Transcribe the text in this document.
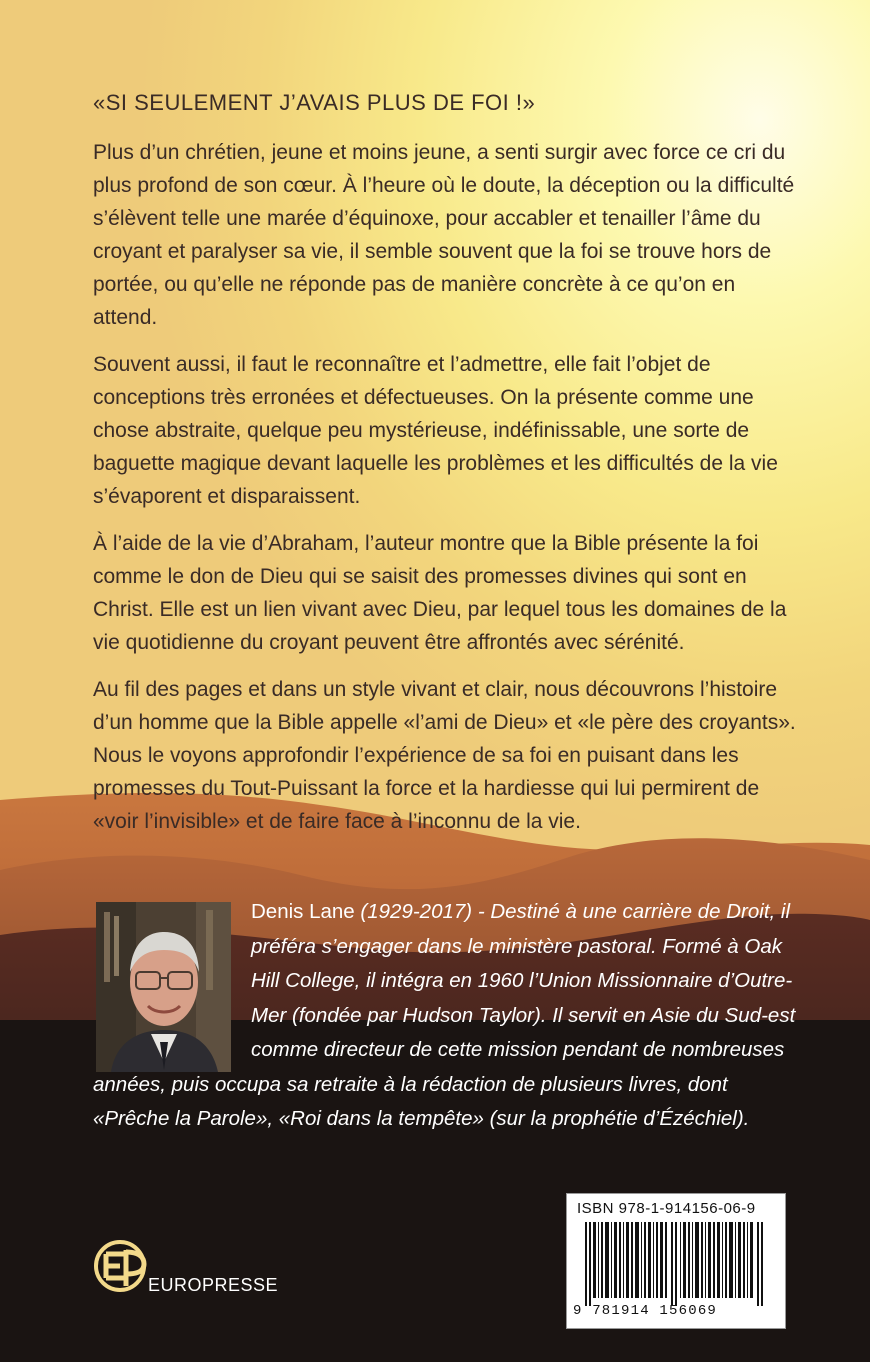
«SI SEULEMENT J’AVAIS PLUS DE FOI !»

Plus d’un chrétien, jeune et moins jeune, a senti surgir avec force ce cri du plus profond de son cœur. À l’heure où le doute, la déception ou la difficulté s’élèvent telle une marée d’équinoxe, pour accabler et tenailler l’âme du croyant et paralyser sa vie, il semble souvent que la foi se trouve hors de portée, ou qu’elle ne réponde pas de manière concrète à ce qu’on en attend.

Souvent aussi, il faut le reconnaître et l’admettre, elle fait l’objet de conceptions très erronées et défectueuses. On la présente comme une chose abstraite, quelque peu mystérieuse, indéfinissable, une sorte de baguette magique devant laquelle les problèmes et les difficultés de la vie s’évaporent et disparaissent.

À l’aide de la vie d’Abraham, l’auteur montre que la Bible présente la foi comme le don de Dieu qui se saisit des promesses divines qui sont en Christ. Elle est un lien vivant avec Dieu, par lequel tous les domaines de la vie quotidienne du croyant peuvent être affrontés avec sérénité.

Au fil des pages et dans un style vivant et clair, nous découvrons l’histoire d’un homme que la Bible appelle «l’ami de Dieu» et «le père des croyants». Nous le voyons approfondir l’expérience de sa foi en puisant dans les promesses du Tout-Puissant la force et la hardiesse qui lui permirent de «voir l’invisible» et de faire face à l’inconnu de la vie.

Denis Lane (1929-2017) - Destiné à une carrière de Droit, il préféra s’engager dans le ministère pastoral. Formé à Oak Hill College, il intégra en 1960 l’Union Missionnaire d’Outre-Mer (fondée par Hudson Taylor). Il servit en Asie du Sud-est comme directeur de cette mission pendant de nombreuses années, puis occupa sa retraite à la rédaction de plusieurs livres, dont «Prêche la Parole», «Roi dans la tempête» (sur la prophétie d’Ézéchiel).
ISBN 978-1-914156-06-9
9 781914 156069
EUROPRESSE
